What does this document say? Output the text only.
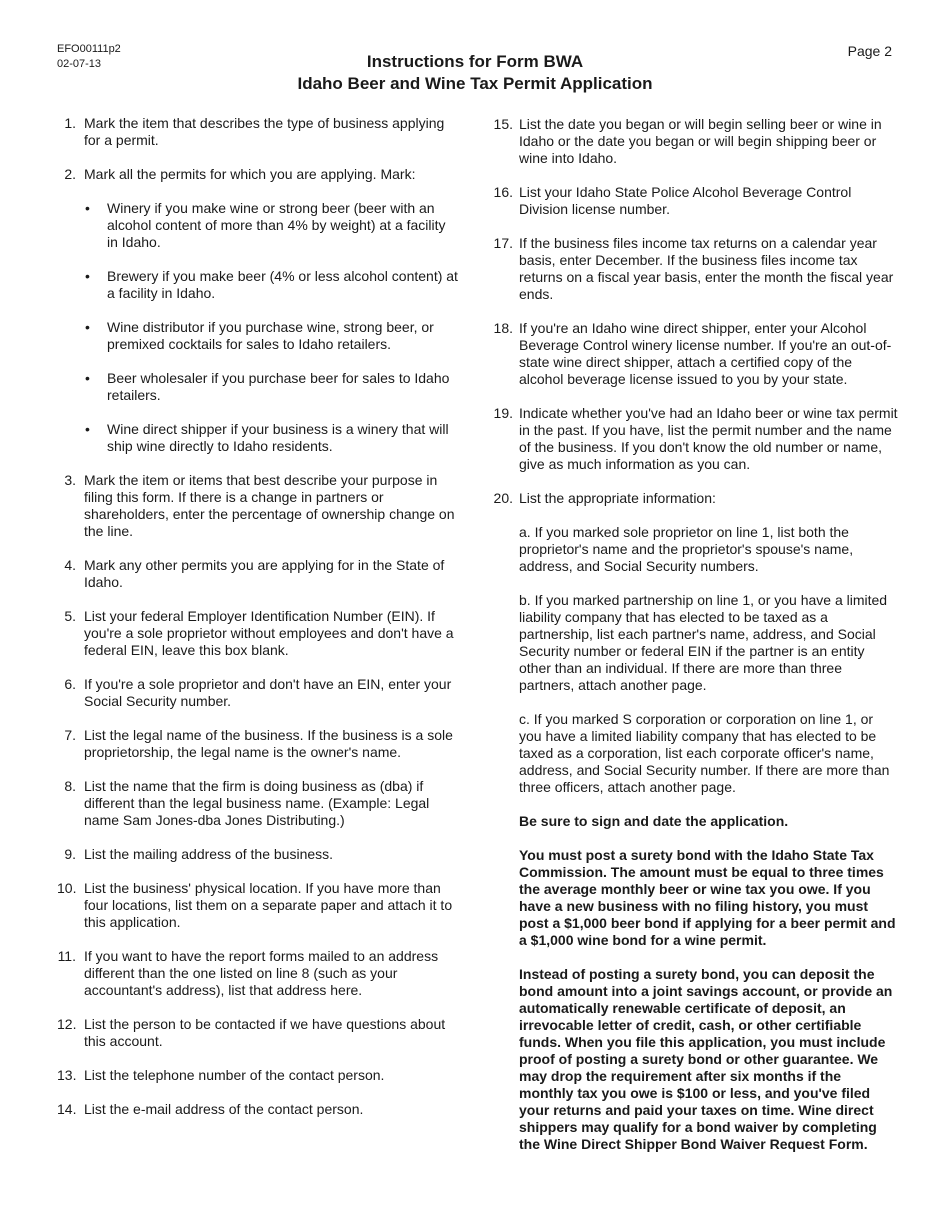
EFO00111p2
02-07-13
Page 2
Instructions for Form BWA
Idaho Beer and Wine Tax Permit Application
1. Mark the item that describes the type of business applying for a permit.
2. Mark all the permits for which you are applying. Mark:
• Winery if you make wine or strong beer (beer with an alcohol content of more than 4% by weight) at a facility in Idaho.
• Brewery if you make beer (4% or less alcohol content) at a facility in Idaho.
• Wine distributor if you purchase wine, strong beer, or premixed cocktails for sales to Idaho retailers.
• Beer wholesaler if you purchase beer for sales to Idaho retailers.
• Wine direct shipper if your business is a winery that will ship wine directly to Idaho residents.
3. Mark the item or items that best describe your purpose in filing this form. If there is a change in partners or shareholders, enter the percentage of ownership change on the line.
4. Mark any other permits you are applying for in the State of Idaho.
5. List your federal Employer Identification Number (EIN). If you're a sole proprietor without employees and don't have a federal EIN, leave this box blank.
6. If you're a sole proprietor and don't have an EIN, enter your Social Security number.
7. List the legal name of the business. If the business is a sole proprietorship, the legal name is the owner's name.
8. List the name that the firm is doing business as (dba) if different than the legal business name. (Example: Legal name Sam Jones-dba Jones Distributing.)
9. List the mailing address of the business.
10. List the business' physical location. If you have more than four locations, list them on a separate paper and attach it to this application.
11. If you want to have the report forms mailed to an address different than the one listed on line 8 (such as your accountant's address), list that address here.
12. List the person to be contacted if we have questions about this account.
13. List the telephone number of the contact person.
14. List the e-mail address of the contact person.
15. List the date you began or will begin selling beer or wine in Idaho or the date you began or will begin shipping beer or wine into Idaho.
16. List your Idaho State Police Alcohol Beverage Control Division license number.
17. If the business files income tax returns on a calendar year basis, enter December. If the business files income tax returns on a fiscal year basis, enter the month the fiscal year ends.
18. If you're an Idaho wine direct shipper, enter your Alcohol Beverage Control winery license number. If you're an out-of-state wine direct shipper, attach a certified copy of the alcohol beverage license issued to you by your state.
19. Indicate whether you've had an Idaho beer or wine tax permit in the past. If you have, list the permit number and the name of the business. If you don't know the old number or name, give as much information as you can.
20. List the appropriate information:
a. If you marked sole proprietor on line 1, list both the proprietor's name and the proprietor's spouse's name, address, and Social Security numbers.
b. If you marked partnership on line 1, or you have a limited liability company that has elected to be taxed as a partnership, list each partner's name, address, and Social Security number or federal EIN if the partner is an entity other than an individual. If there are more than three partners, attach another page.
c. If you marked S corporation or corporation on line 1, or you have a limited liability company that has elected to be taxed as a corporation, list each corporate officer's name, address, and Social Security number. If there are more than three officers, attach another page.
Be sure to sign and date the application.
You must post a surety bond with the Idaho State Tax Commission. The amount must be equal to three times the average monthly beer or wine tax you owe. If you have a new business with no filing history, you must post a $1,000 beer bond if applying for a beer permit and a $1,000 wine bond for a wine permit.
Instead of posting a surety bond, you can deposit the bond amount into a joint savings account, or provide an automatically renewable certificate of deposit, an irrevocable letter of credit, cash, or other certifiable funds. When you file this application, you must include proof of posting a surety bond or other guarantee. We may drop the requirement after six months if the monthly tax you owe is $100 or less, and you've filed your returns and paid your taxes on time. Wine direct shippers may qualify for a bond waiver by completing the Wine Direct Shipper Bond Waiver Request Form.
